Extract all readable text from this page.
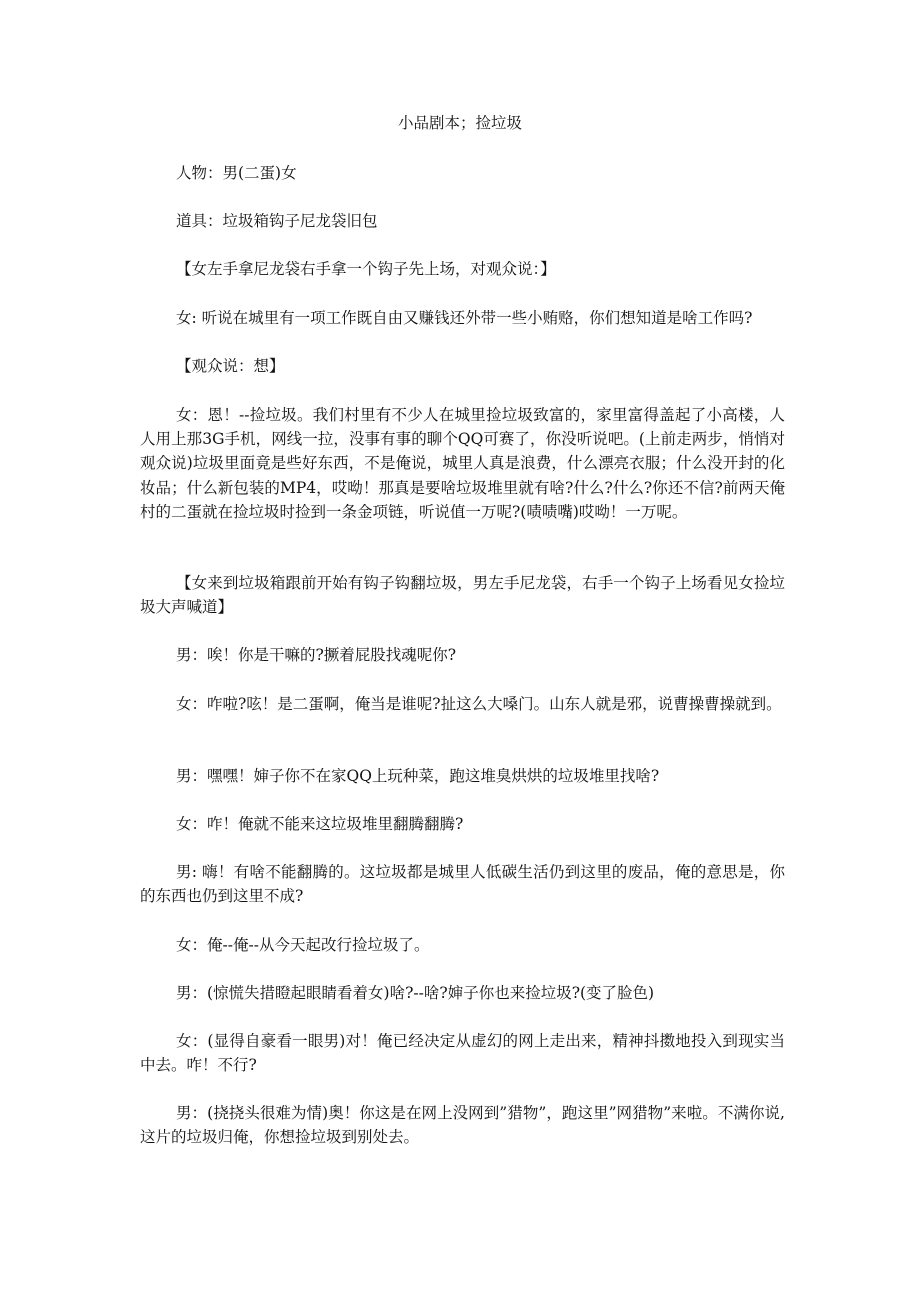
小品剧本；捡垃圾

人物：男(二蛋)女

道具：垃圾箱钩子尼龙袋旧包

【女左手拿尼龙袋右手拿一个钩子先上场，对观众说：】

女: 听说在城里有一项工作既自由又赚钱还外带一些小贿赂，你们想知道是啥工作吗?

【观众说：想】

女：恩！--捡垃圾。我们村里有不少人在城里捡垃圾致富的，家里富得盖起了小高楼，人人用上那3G手机，网线一拉，没事有事的聊个QQ可赛了，你没听说吧。(上前走两步，悄悄对观众说)垃圾里面竟是些好东西，不是俺说，城里人真是浪费，什么漂亮衣服；什么没开封的化妆品；什么新包装的MP4，哎呦！那真是要啥垃圾堆里就有啥?什么?什么?你还不信?前两天俺村的二蛋就在捡垃圾时捡到一条金项链，听说值一万呢?(啧啧嘴)哎呦！一万呢。

【女来到垃圾箱跟前开始有钩子钩翻垃圾，男左手尼龙袋，右手一个钩子上场看见女捡垃圾大声喊道】

男：唉！你是干嘛的?撅着屁股找魂呢你?

女：咋啦?呟！是二蛋啊，俺当是谁呢?扯这么大嗓门。山东人就是邪，说曹操曹操就到。

男：嘿嘿！婶子你不在家QQ上玩种菜，跑这堆臭烘烘的垃圾堆里找啥?

女：咋！俺就不能来这垃圾堆里翻腾翻腾?

男: 嗨！有啥不能翻腾的。这垃圾都是城里人低碳生活仍到这里的废品，俺的意思是，你的东西也仍到这里不成?

女：俺--俺--从今天起改行捡垃圾了。

男：(惊慌失措瞪起眼睛看着女)啥?--啥?婶子你也来捡垃圾?(变了脸色)

女：(显得自豪看一眼男)对！俺已经决定从虚幻的网上走出来，精神抖擞地投入到现实当中去。咋！不行?

男：(挠挠头很难为情)奥！你这是在网上没网到”猎物”，跑这里”网猎物”来啦。不满你说,这片的垃圾归俺，你想捡垃圾到别处去。
